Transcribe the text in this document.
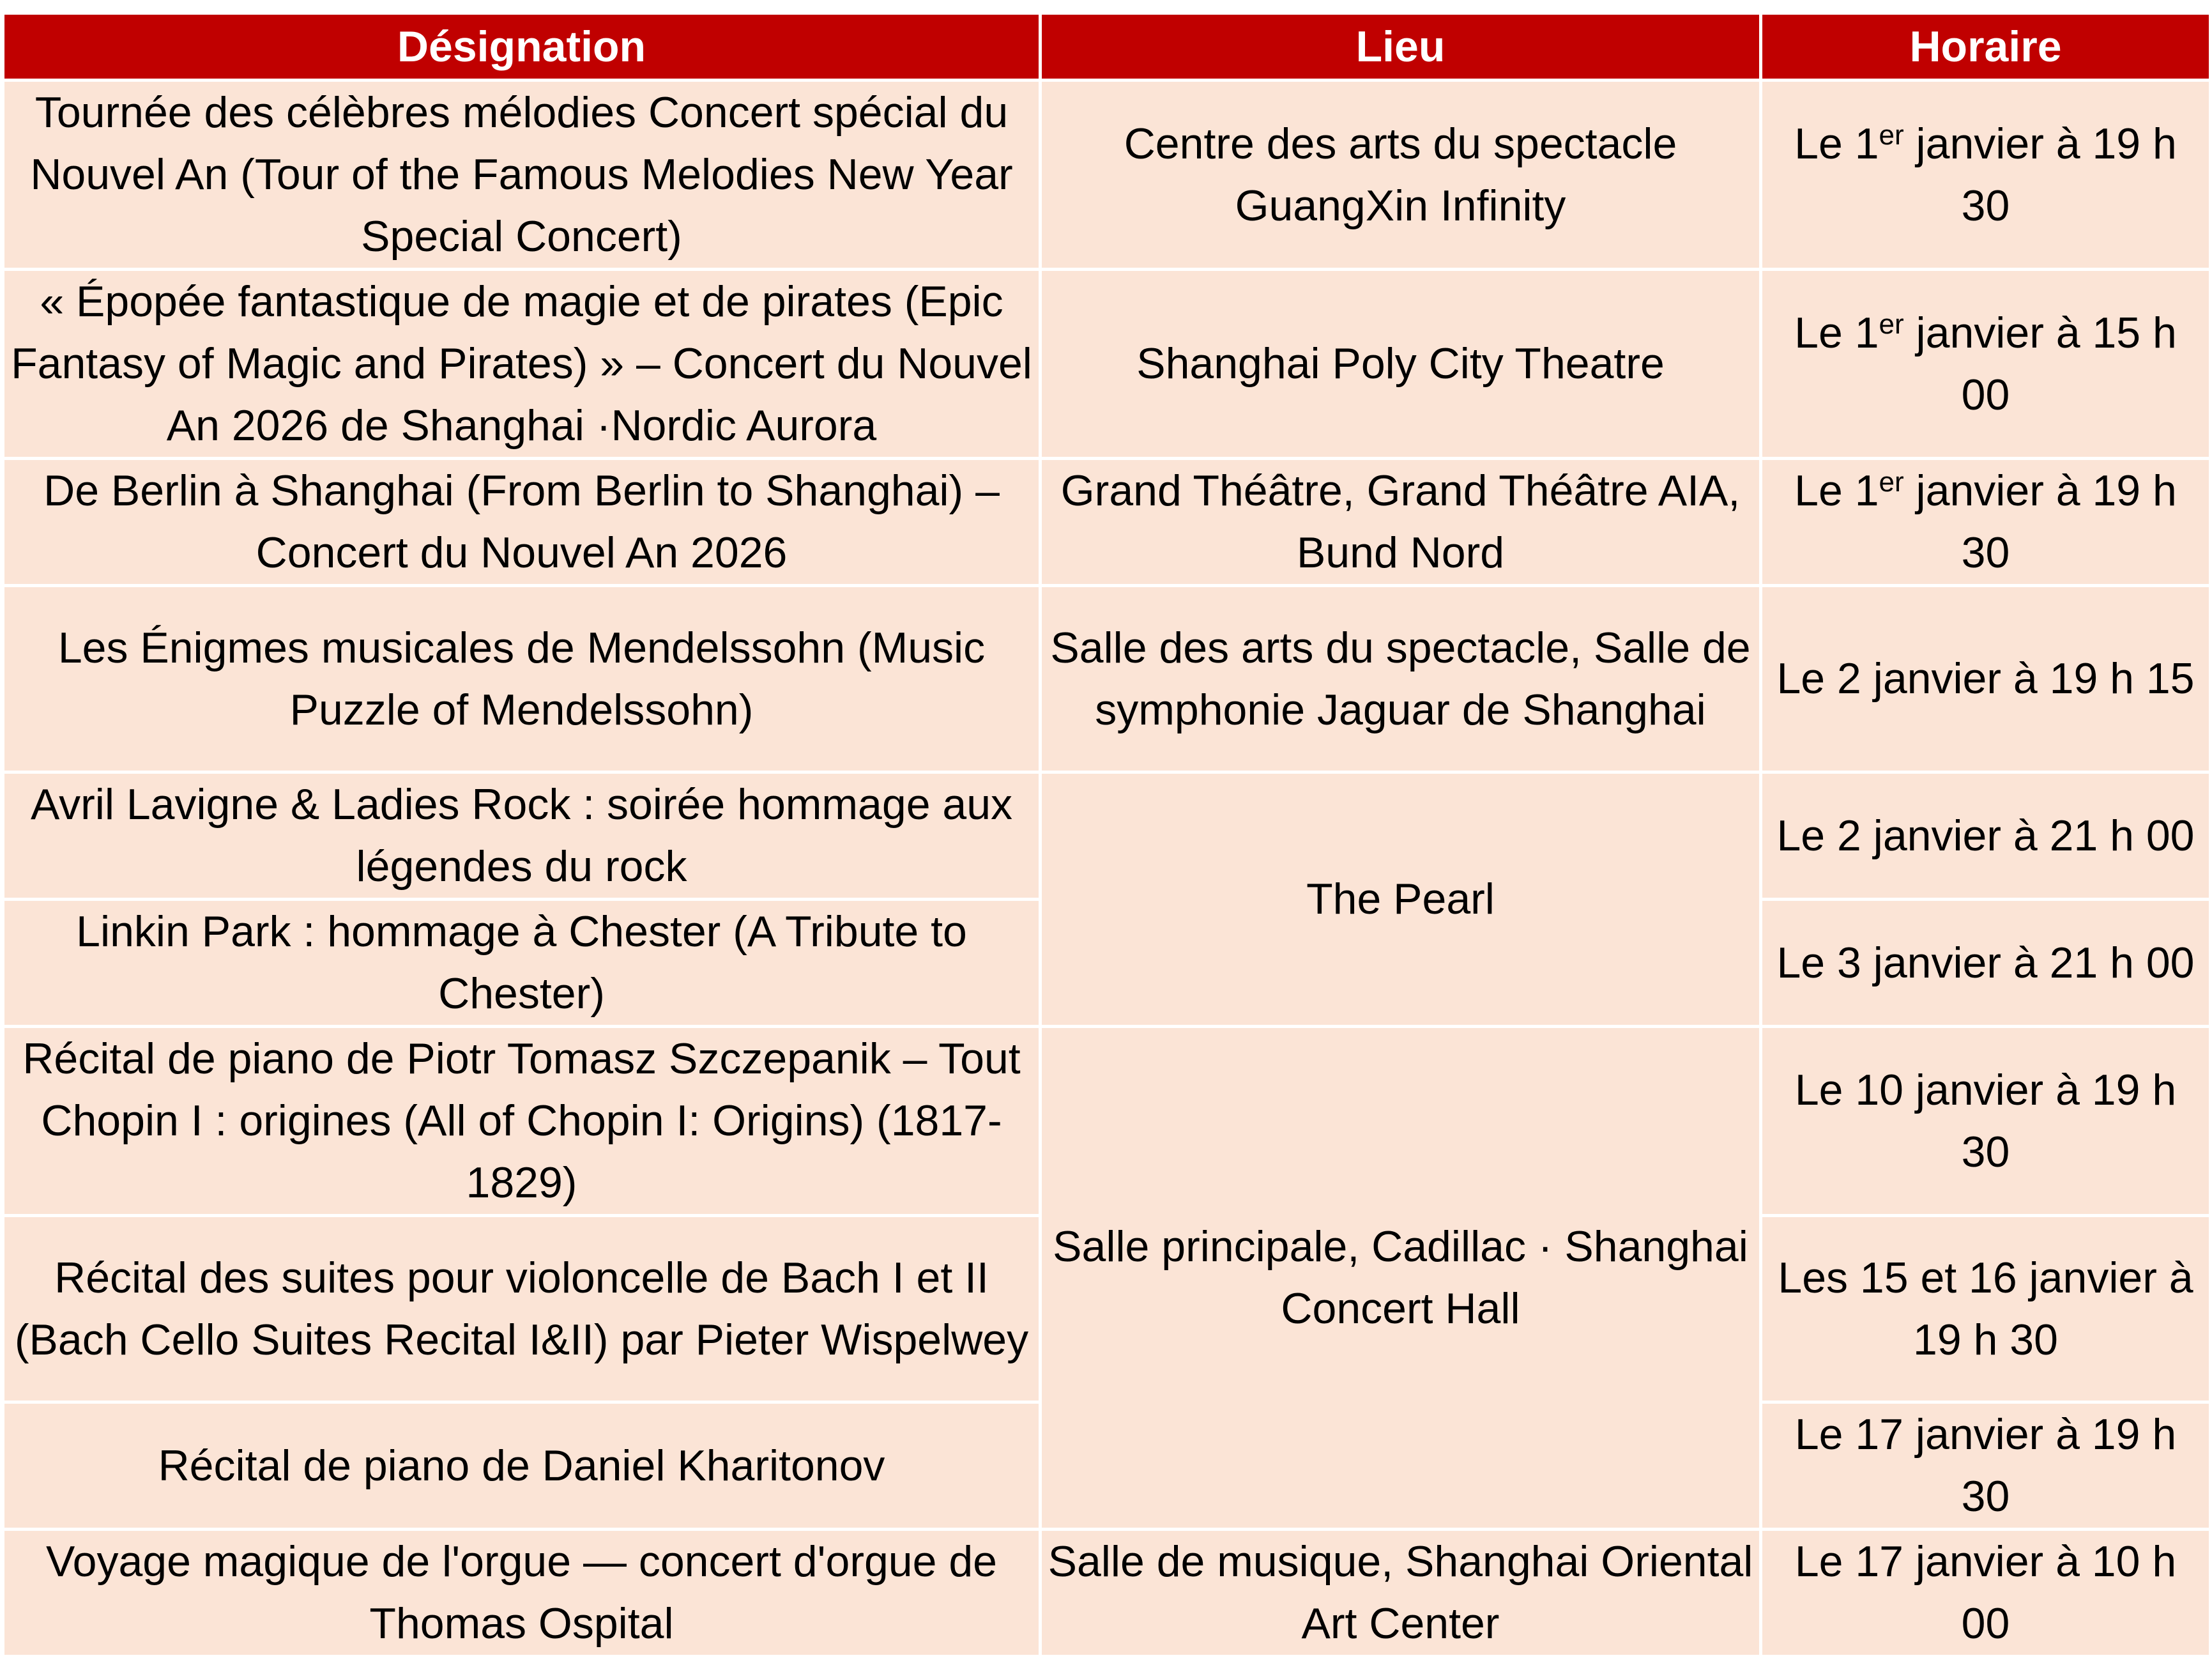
Désignation	Lieu	Horaire
Tournée des célèbres mélodies Concert spécial du Nouvel An (Tour of the Famous Melodies New Year Special Concert)	Centre des arts du spectacle GuangXin Infinity	Le 1er janvier à 19 h 30
« Épopée fantastique de magie et de pirates (Epic Fantasy of Magic and Pirates) » – Concert du Nouvel An 2026 de Shanghai ·Nordic Aurora	Shanghai Poly City Theatre	Le 1er janvier à 15 h 00
De Berlin à Shanghai (From Berlin to Shanghai) – Concert du Nouvel An 2026	Grand Théâtre, Grand Théâtre AIA, Bund Nord	Le 1er janvier à 19 h 30
Les Énigmes musicales de Mendelssohn (Music Puzzle of Mendelssohn)	Salle des arts du spectacle, Salle de symphonie Jaguar de Shanghai	Le 2 janvier à 19 h 15
Avril Lavigne & Ladies Rock : soirée hommage aux légendes du rock	The Pearl	Le 2 janvier à 21 h 00
Linkin Park : hommage à Chester (A Tribute to Chester)		Le 3 janvier à 21 h 00
Récital de piano de Piotr Tomasz Szczepanik – Tout Chopin I : origines (All of Chopin I: Origins) (1817-1829)	Salle principale, Cadillac · Shanghai Concert Hall	Le 10 janvier à 19 h 30
Récital des suites pour violoncelle de Bach I et II (Bach Cello Suites Recital I&II) par Pieter Wispelwey		Les 15 et 16 janvier à 19 h 30
Récital de piano de Daniel Kharitonov		Le 17 janvier à 19 h 30
Voyage magique de l'orgue — concert d'orgue de Thomas Ospital	Salle de musique, Shanghai Oriental Art Center	Le 17 janvier à 10 h 00
